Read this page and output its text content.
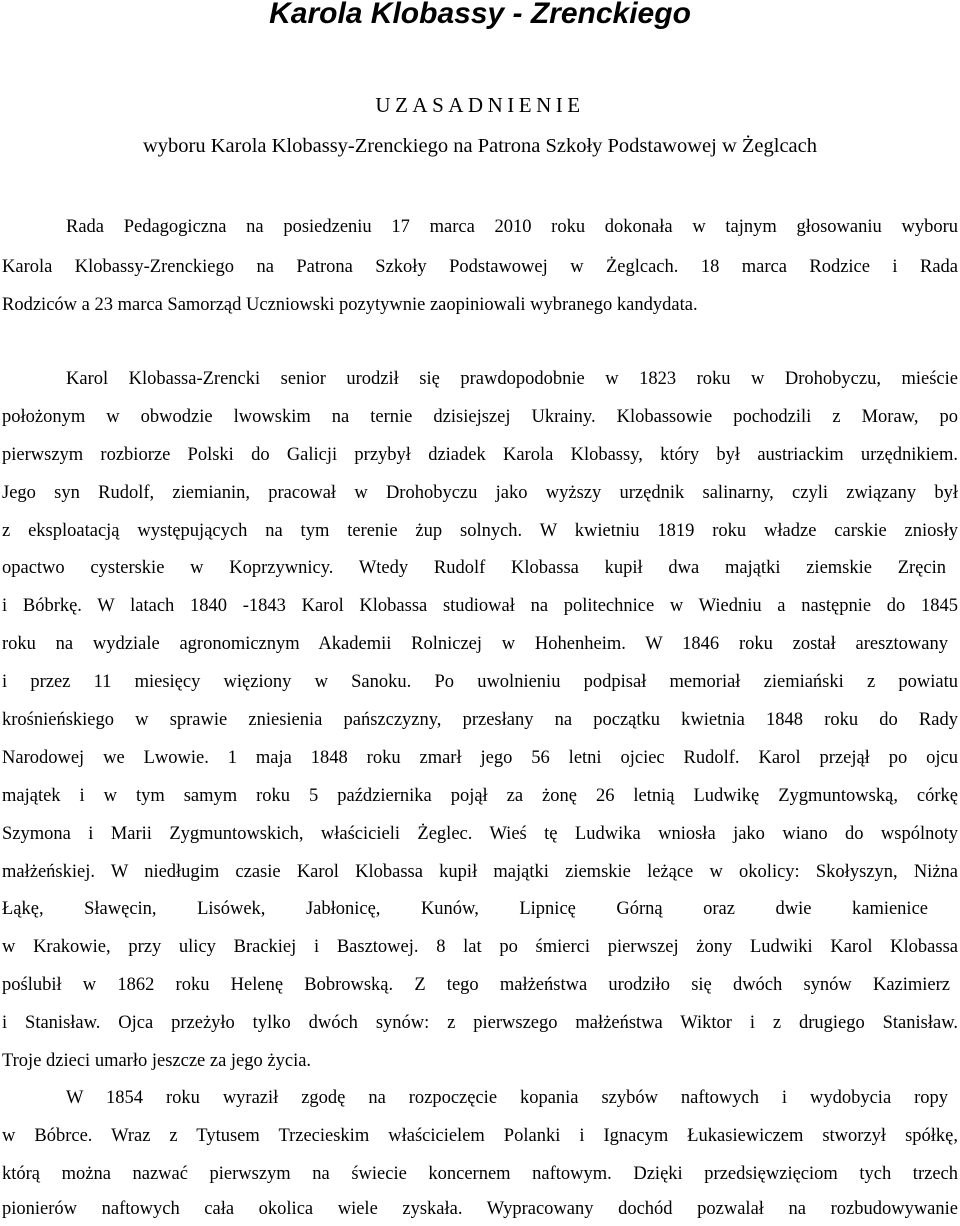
Karola Klobassy - Zrenckiego
UZASADNIENIE
wyboru Karola Klobassy-Zrenckiego na Patrona Szkoły Podstawowej w Żeglcach
Rada Pedagogiczna na posiedzeniu 17 marca 2010 roku dokonała w tajnym głosowaniu wyboru
Karola Klobassy-Zrenckiego na Patrona Szkoły Podstawowej w Żeglcach. 18 marca Rodzice i Rada
Rodziców a 23 marca Samorząd Uczniowski pozytywnie zaopiniowali wybranego kandydata.
Karol Klobassa-Zrencki senior urodził się prawdopodobnie w 1823 roku w Drohobyczu, mieście
położonym w obwodzie lwowskim na ternie dzisiejszej Ukrainy. Klobassowie pochodzili z Moraw, po
pierwszym rozbiorze Polski do Galicji przybył dziadek Karola Klobassy, który był austriackim urzędnikiem.
Jego syn Rudolf, ziemianin, pracował w Drohobyczu jako wyższy urzędnik salinarny, czyli związany był
z eksploatacją występujących na tym terenie żup solnych. W kwietniu 1819 roku władze carskie zniosły
opactwo cysterskie w Koprzywnicy. Wtedy Rudolf Klobassa kupił dwa majątki ziemskie Zręcin
i Bóbrkę. W latach 1840 -1843 Karol Klobassa studiował na politechnice w Wiedniu a następnie do 1845
roku na wydziale agronomicznym Akademii Rolniczej w Hohenheim. W 1846 roku został aresztowany
i przez 11 miesięcy więziony w Sanoku. Po uwolnieniu podpisał memoriał ziemiański z powiatu
krośnieńskiego w sprawie zniesienia pańszczyzny, przesłany na początku kwietnia 1848 roku do Rady
Narodowej we Lwowie. 1 maja 1848 roku zmarł jego 56 letni ojciec Rudolf. Karol przejął po ojcu
majątek i w tym samym roku 5 października pojął za żonę 26 letnią Ludwikę Zygmuntowską, córkę
Szymona i Marii Zygmuntowskich, właścicieli Żeglec. Wieś tę Ludwika wniosła jako wiano do wspólnoty
małżeńskiej. W niedługim czasie Karol Klobassa kupił majątki ziemskie leżące w okolicy: Skołyszyn, Niżna
Łąkę, Sławęcin, Lisówek, Jabłonicę, Kunów, Lipnicę Górną oraz dwie kamienice
w Krakowie, przy ulicy Brackiej i Basztowej. 8 lat po śmierci pierwszej żony Ludwiki Karol Klobassa
poślubił w 1862 roku Helenę Bobrowską. Z tego małżeństwa urodziło się dwóch synów Kazimierz
i Stanisław. Ojca przeżyło tylko dwóch synów: z pierwszego małżeństwa Wiktor i z drugiego Stanisław.
Troje dzieci umarło jeszcze za jego życia.
W 1854 roku wyraził zgodę na rozpoczęcie kopania szybów naftowych i wydobycia ropy
w Bóbrce. Wraz z Tytusem Trzecieskim właścicielem Polanki i Ignacym Łukasiewiczem stworzył spółkę,
którą można nazwać pierwszym na świecie koncernem naftowym. Dzięki przedsięwzięciom tych trzech
pionierów naftowych cała okolica wiele zyskała. Wypracowany dochód pozwalał na rozbudowywanie
